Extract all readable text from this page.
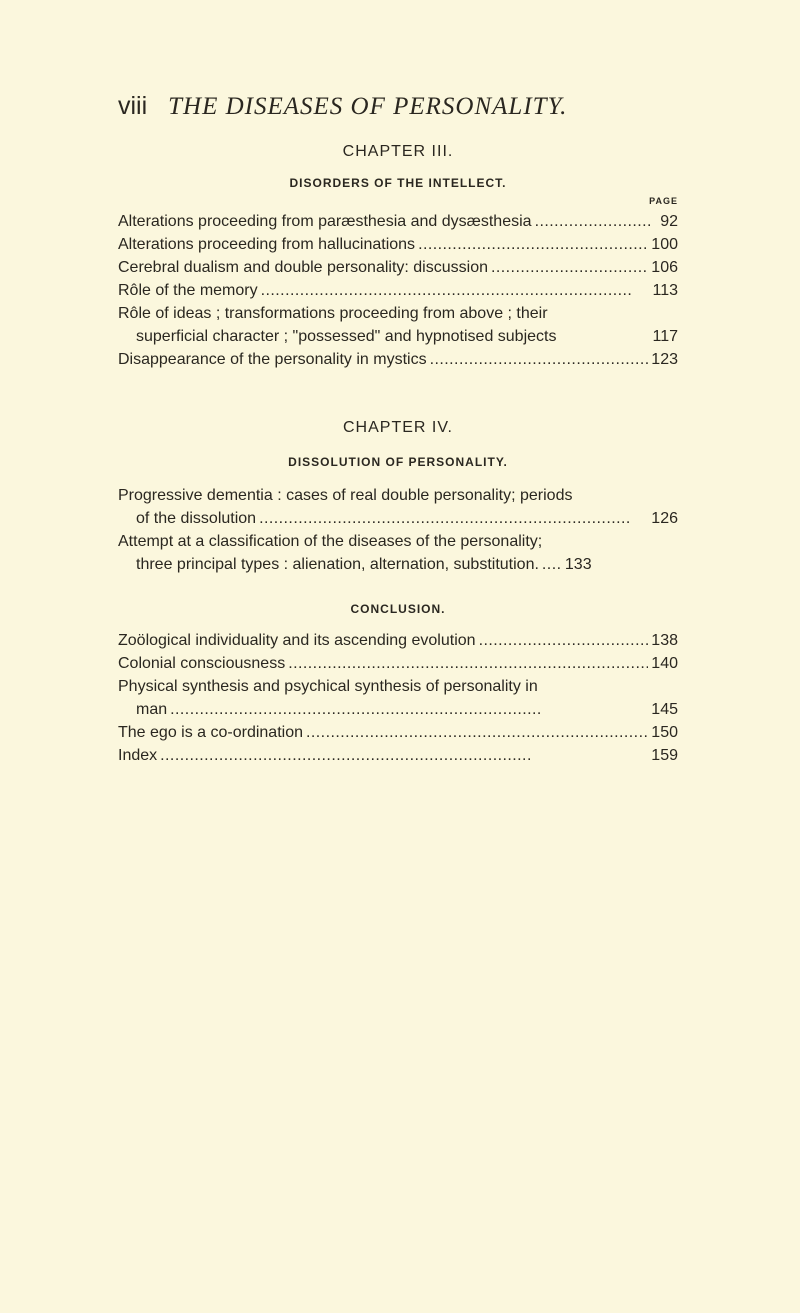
viii THE DISEASES OF PERSONALITY.
CHAPTER III.
DISORDERS OF THE INTELLECT.
PAGE
Alterations proceeding from paræsthesia and dysæsthesia . . .	92
Alterations proceeding from hallucinations . . .	100
Cerebral dualism and double personality: discussion . . .	106
Rôle of the memory . . .	113
Rôle of ideas ; transformations proceeding from above ; their
superficial character ; "possessed" and hypnotised subjects	117
Disappearance of the personality in mystics . . .	123
CHAPTER IV.
DISSOLUTION OF PERSONALITY.
Progressive dementia : cases of real double personality; periods
of the dissolution . . .	126
Attempt at a classification of the diseases of the personality;
three principal types : alienation, alternation, substitution. . . . 133
CONCLUSION.
Zoölogical individuality and its ascending evolution . . .	138
Colonial consciousness . . .	140
Physical synthesis and psychical synthesis of personality in
man . . .	145
The ego is a co-ordination . . .	150
Index . . .	159
